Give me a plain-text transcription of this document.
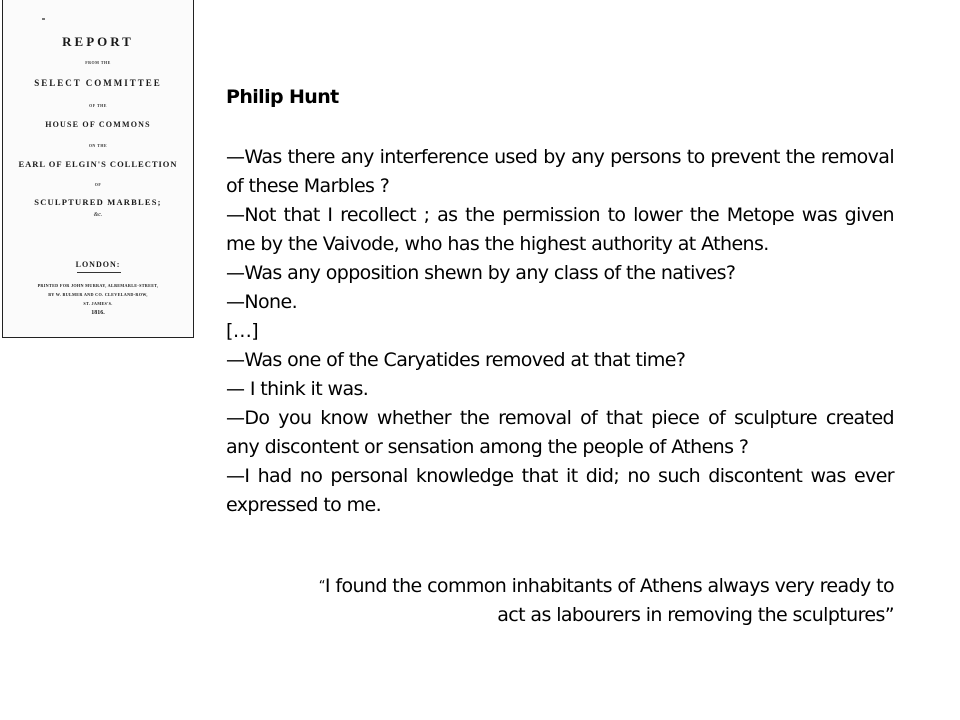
REPORT
FROM THE
SELECT COMMITTEE
OF THE
HOUSE OF COMMONS
ON THE
EARL OF ELGIN'S COLLECTION
OF
SCULPTURED MARBLES;
&c.
LONDON:
PRINTED FOR JOHN MURRAY, ALBEMARLE-STREET,
BY W. BULMER AND CO. CLEVELAND-ROW,
ST. JAMES'S.
1816.
Philip Hunt

—Was there any interference used by any persons to prevent the removal of these Marbles ?

—Not that I recollect ; as the permission to lower the Metope was given me by the Vaivode, who has the highest authority at Athens.

—Was any opposition shewn by any class of the natives?

—None.

[…]

—Was one of the Caryatides removed at that time?

— I think it was.

—Do you know whether the removal of that piece of sculpture created any discontent or sensation among the people of Athens ?

—I had no personal knowledge that it did; no such discontent was ever expressed to me.

“I found the common inhabitants of Athens always very ready to
act as labourers in removing the sculptures”
